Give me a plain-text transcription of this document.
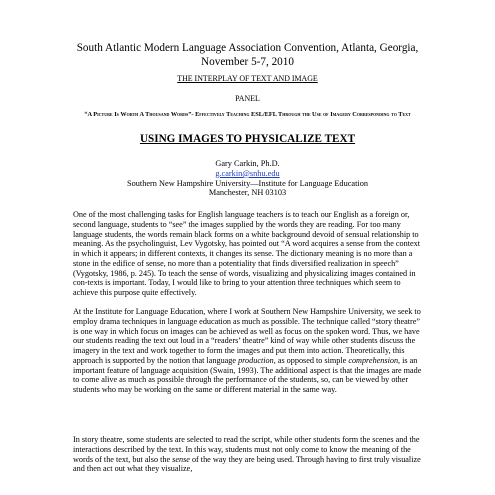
South Atlantic Modern Language Association Convention, Atlanta, Georgia,
November 5-7, 2010
THE INTERPLAY OF TEXT AND IMAGE
PANEL
“A Picture Is Worth A Thousand Words”- Effectively Teaching ESL/EFL Through the Use of Imagery Corresponding to Text
USING IMAGES TO PHYSICALIZE TEXT
Gary Carkin, Ph.D.
g.carkin@snhu.edu
Southern New Hampshire University—Institute for Language Education
Manchester, NH 03103

One of the most challenging tasks for English language teachers is to teach our English as a foreign or, second language, students to “see” the images supplied by the words they are reading. For too many language students, the words remain black forms on a white background devoid of sensual relationship to meaning. As the psycholinguist, Lev Vygotsky, has pointed out “A word acquires a sense from the context in which it appears; in different contexts, it changes its sense. The dictionary meaning is no more than a stone in the edifice of sense, no more than a potentiality that finds diversified realization in speech” (Vygotsky, 1986, p. 245). To teach the sense of words, visualizing and physicalizing images contained in con-texts is important. Today, I would like to bring to your attention three techniques which seem to achieve this purpose quite effectively.

At the Institute for Language Education, where I work at Southern New Hampshire University, we seek to employ drama techniques in language education as much as possible. The technique called “story theatre” is one way in which focus on images can be achieved as well as focus on the spoken word. Thus, we have our students reading the text out loud in a “readers’ theatre” kind of way while other students discuss the imagery in the text and work together to form the images and put them into action. Theoretically, this approach is supported by the notion that language production, as opposed to simple comprehension, is an important feature of language acquisition (Swain, 1993). The additional aspect is that the images are made to come alive as much as possible through the performance of the students, so, can be viewed by other students who may be working on the same or different material in the same way.

In story theatre, some students are selected to read the script, while other students form the scenes and the interactions described by the text. In this way, students must not only come to know the meaning of the words of the text, but also the sense of the way they are being used. Through having to first truly visualize and then act out what they visualize,
